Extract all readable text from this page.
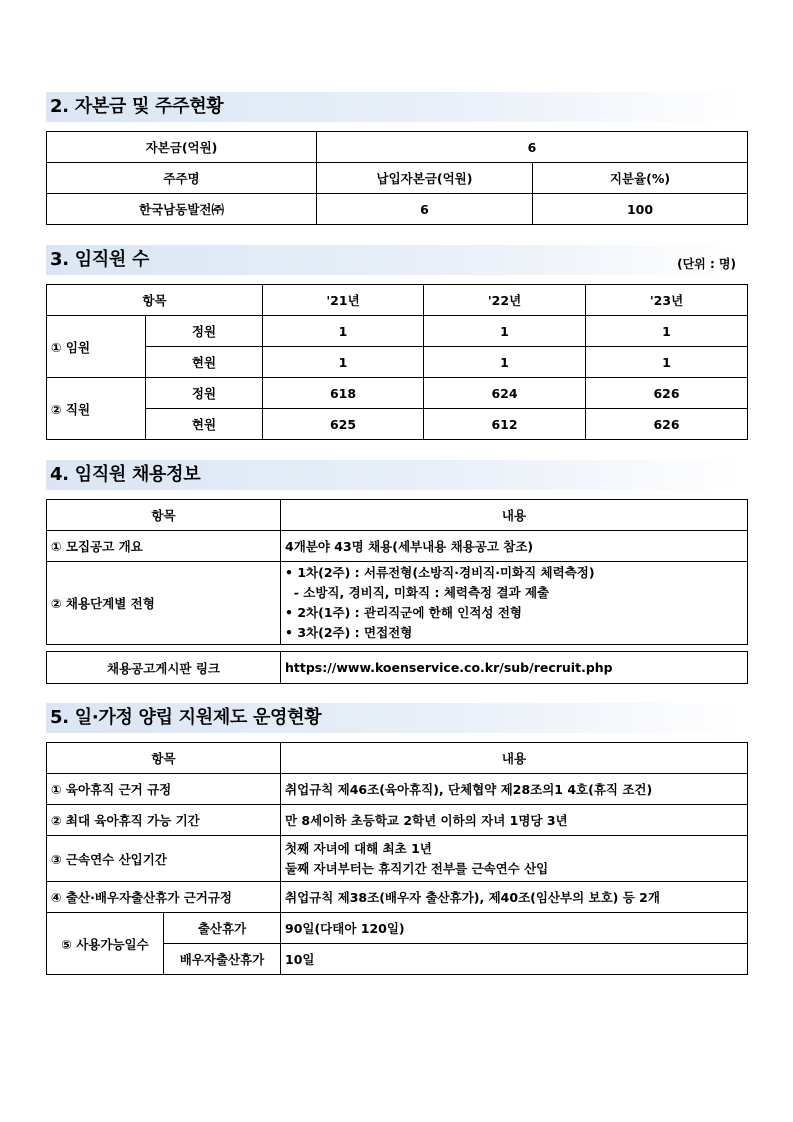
2. 자본금 및 주주현황
자본금(억원)	6	
주주명	납입자본금(억원)	지분율(%)
한국남동발전㈜	6	100
3. 임직원 수	(단위 : 명)
항목		'21년	'22년	'23년
① 임원	정원	1	1	1
	현원	1	1	1
② 직원	정원	618	624	626
	현원	625	612	626
4. 임직원 채용정보
항목	내용
① 모집공고 개요	4개분야 43명 채용(세부내용 채용공고 참조)
② 채용단계별 전형	• 1차(2주) : 서류전형(소방직·경비직·미화직 체력측정)
- 소방직, 경비직, 미화직 : 체력측정 결과 제출
• 2차(1주) : 관리직군에 한해 인적성 전형
• 3차(2주) : 면접전형
채용공고게시판 링크	https://www.koenservice.co.kr/sub/recruit.php
5. 일·가정 양립 지원제도 운영현황
항목		내용
① 육아휴직 근거 규정		취업규칙 제46조(육아휴직), 단체협약 제28조의1 4호(휴직 조건)
② 최대 육아휴직 가능 기간		만 8세이하 초등학교 2학년 이하의 자녀 1명당 3년
③ 근속연수 산입기간		첫째 자녀에 대해 최초 1년
둘째 자녀부터는 휴직기간 전부를 근속연수 산입

④ 출산·배우자출산휴가 근거규정		취업규칙 제38조(배우자 출산휴가), 제40조(임산부의 보호) 등 2개
⑤ 사용가능일수	출산휴가	90일(다태아 120일)
	배우자출산휴가	10일
